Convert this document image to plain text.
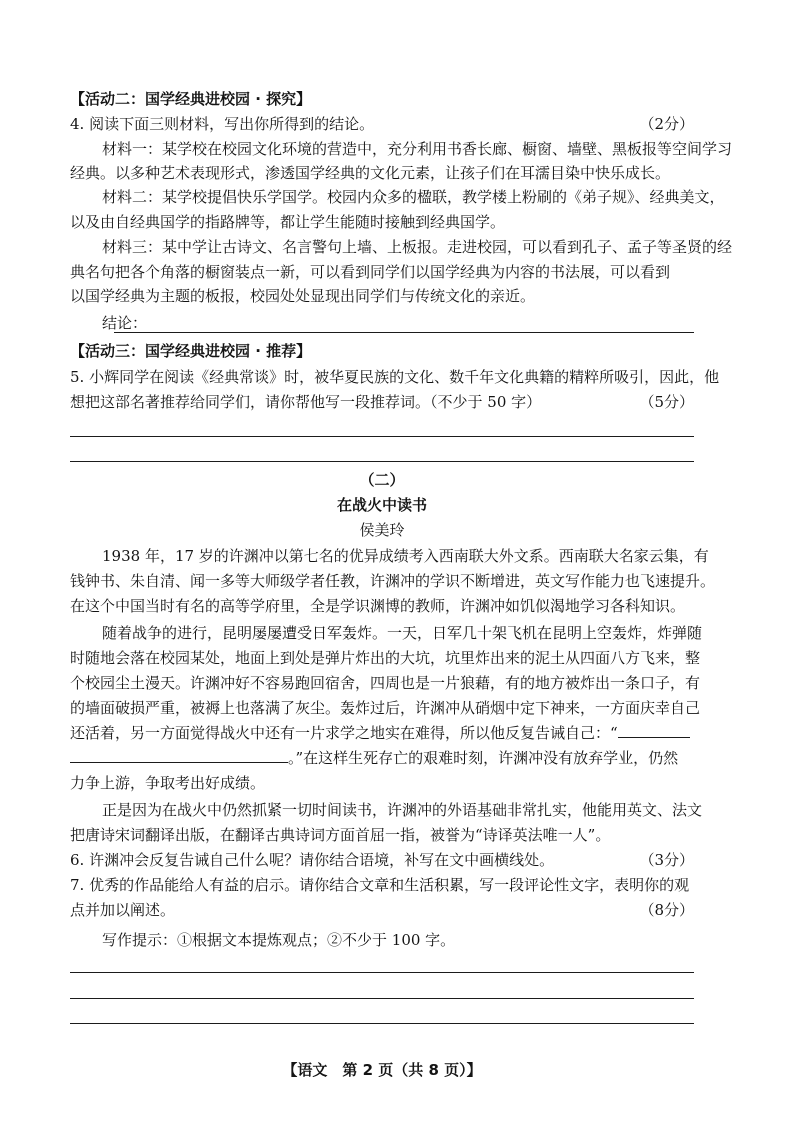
【活动二：国学经典进校园 · 探究】
4. 阅读下面三则材料，写出你所得到的结论。	（2分）
材料一：某学校在校园文化环境的营造中，充分利用书香长廊、橱窗、墙壁、黑板报等空间学习
经典。以多种艺术表现形式，渗透国学经典的文化元素，让孩子们在耳濡目染中快乐成长。
材料二：某学校提倡快乐学国学。校园内众多的楹联，教学楼上粉刷的《弟子规》、经典美文，
以及由自经典国学的指路牌等，都让学生能随时接触到经典国学。
材料三：某中学让古诗文、名言警句上墙、上板报。走进校园，可以看到孔子、孟子等圣贤的经
典名句把各个角落的橱窗装点一新，可以看到同学们以国学经典为内容的书法展，可以看到
以国学经典为主题的板报，校园处处显现出同学们与传统文化的亲近。
结论：
【活动三：国学经典进校园 · 推荐】
5. 小辉同学在阅读《经典常谈》时，被华夏民族的文化、数千年文化典籍的精粹所吸引，因此，他
想把这部名著推荐给同学们，请你帮他写一段推荐词。（不少于 50 字）	（5分）
（二）
在战火中读书
侯美玲
1938 年，17 岁的许渊冲以第七名的优异成绩考入西南联大外文系。西南联大名家云集，有
钱钟书、朱自清、闻一多等大师级学者任教，许渊冲的学识不断增进，英文写作能力也飞速提升。
在这个中国当时有名的高等学府里，全是学识渊博的教师，许渊冲如饥似渴地学习各科知识。
随着战争的进行，昆明屡屡遭受日军轰炸。一天，日军几十架飞机在昆明上空轰炸，炸弹随
时随地会落在校园某处，地面上到处是弹片炸出的大坑，坑里炸出来的泥土从四面八方飞来，整
个校园尘土漫天。许渊冲好不容易跑回宿舍，四周也是一片狼藉，有的地方被炸出一条口子，有
的墙面破损严重，被褥上也落满了灰尘。轰炸过后，许渊冲从硝烟中定下神来，一方面庆幸自己
还活着，另一方面觉得战火中还有一片求学之地实在难得，所以他反复告诫自己：“
。”在这样生死存亡的艰难时刻，许渊冲没有放弃学业，仍然
力争上游，争取考出好成绩。
正是因为在战火中仍然抓紧一切时间读书，许渊冲的外语基础非常扎实，他能用英文、法文
把唐诗宋词翻译出版，在翻译古典诗词方面首屈一指，被誉为“诗译英法唯一人”。
6. 许渊冲会反复告诫自己什么呢？请你结合语境，补写在文中画横线处。	（3分）
7. 优秀的作品能给人有益的启示。请你结合文章和生活积累，写一段评论性文字，表明你的观
点并加以阐述。	（8分）
写作提示：①根据文本提炼观点；②不少于 100 字。
【语文　第 2 页（共 8 页）】
